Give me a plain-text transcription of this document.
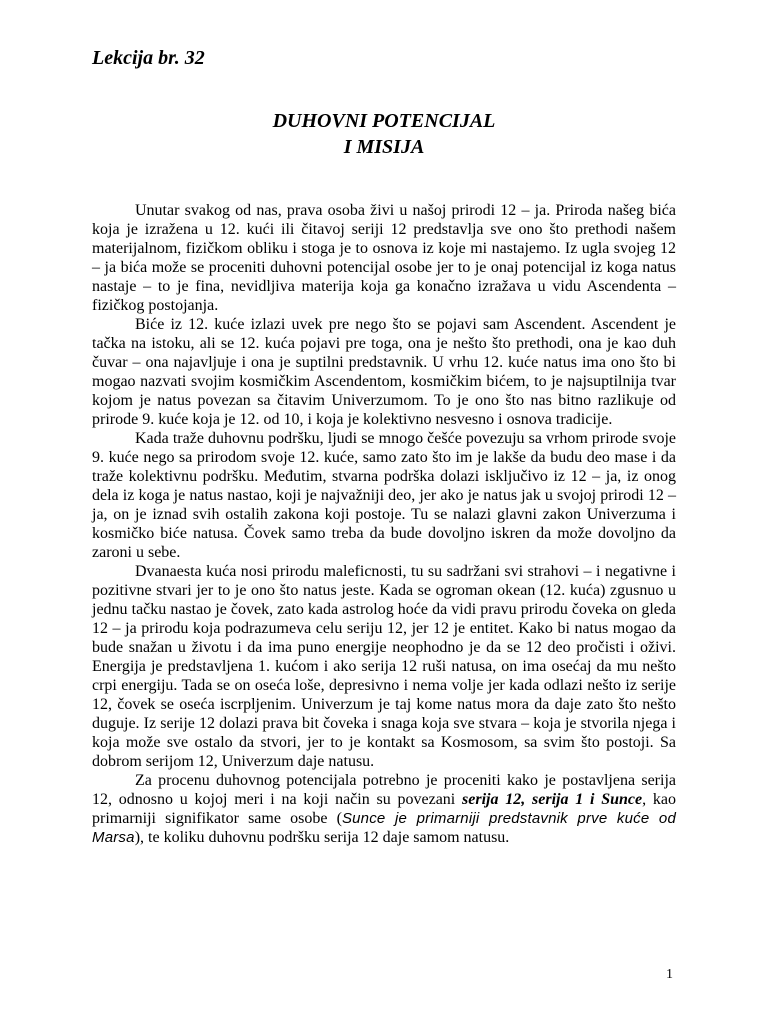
Lekcija br. 32
DUHOVNI POTENCIJAL
I MISIJA

Unutar svakog od nas, prava osoba živi u našoj prirodi 12 – ja. Priroda našeg bića koja je izražena u 12. kući ili čitavoj seriji 12 predstavlja sve ono što prethodi našem materijalnom, fizičkom obliku i stoga je to osnova iz koje mi nastajemo. Iz ugla svojeg 12 – ja bića može se proceniti duhovni potencijal osobe jer to je onaj potencijal iz koga natus nastaje – to je fina, nevidljiva materija koja ga konačno izražava u vidu Ascendenta – fizičkog postojanja.

Biće iz 12. kuće izlazi uvek pre nego što se pojavi sam Ascendent. Ascendent je tačka na istoku, ali se 12. kuća pojavi pre toga, ona je nešto što prethodi, ona je kao duh čuvar – ona najavljuje i ona je suptilni predstavnik. U vrhu 12. kuće natus ima ono što bi mogao nazvati svojim kosmičkim Ascendentom, kosmičkim bićem, to je najsuptilnija tvar kojom je natus povezan sa čitavim Univerzumom. To je ono što nas bitno razlikuje od prirode 9. kuće koja je 12. od 10, i koja je kolektivno nesvesno i osnova tradicije.

Kada traže duhovnu podršku, ljudi se mnogo češće povezuju sa vrhom prirode svoje 9. kuće nego sa prirodom svoje 12. kuće, samo zato što im je lakše da budu deo mase i da traže kolektivnu podršku. Međutim, stvarna podrška dolazi isključivo iz 12 – ja, iz onog dela iz koga je natus nastao, koji je najvažniji deo, jer ako je natus jak u svojoj prirodi 12 – ja, on je iznad svih ostalih zakona koji postoje. Tu se nalazi glavni zakon Univerzuma i kosmičko biće natusa. Čovek samo treba da bude dovoljno iskren da može dovoljno da zaroni u sebe.

Dvanaesta kuća nosi prirodu maleficnosti, tu su sadržani svi strahovi – i negativne i pozitivne stvari jer to je ono što natus jeste. Kada se ogroman okean (12. kuća) zgusnuo u jednu tačku nastao je čovek, zato kada astrolog hoće da vidi pravu prirodu čoveka on gleda 12 – ja prirodu koja podrazumeva celu seriju 12, jer 12 je entitet. Kako bi natus mogao da bude snažan u životu i da ima puno energije neophodno je da se 12 deo pročisti i oživi. Energija je predstavljena 1. kućom i ako serija 12 ruši natusa, on ima osećaj da mu nešto crpi energiju. Tada se on oseća loše, depresivno i nema volje jer kada odlazi nešto iz serije 12, čovek se oseća iscrpljenim. Univerzum je taj kome natus mora da daje zato što nešto duguje. Iz serije 12 dolazi prava bit čoveka i snaga koja sve stvara – koja je stvorila njega i koja može sve ostalo da stvori, jer to je kontakt sa Kosmosom, sa svim što postoji. Sa dobrom serijom 12, Univerzum daje natusu.

Za procenu duhovnog potencijala potrebno je proceniti kako je postavljena serija 12, odnosno u kojoj meri i na koji način su povezani serija 12, serija 1 i Sunce, kao primarniji signifikator same osobe (Sunce je primarniji predstavnik prve kuće od Marsa), te koliku duhovnu podršku serija 12 daje samom natusu.

1
